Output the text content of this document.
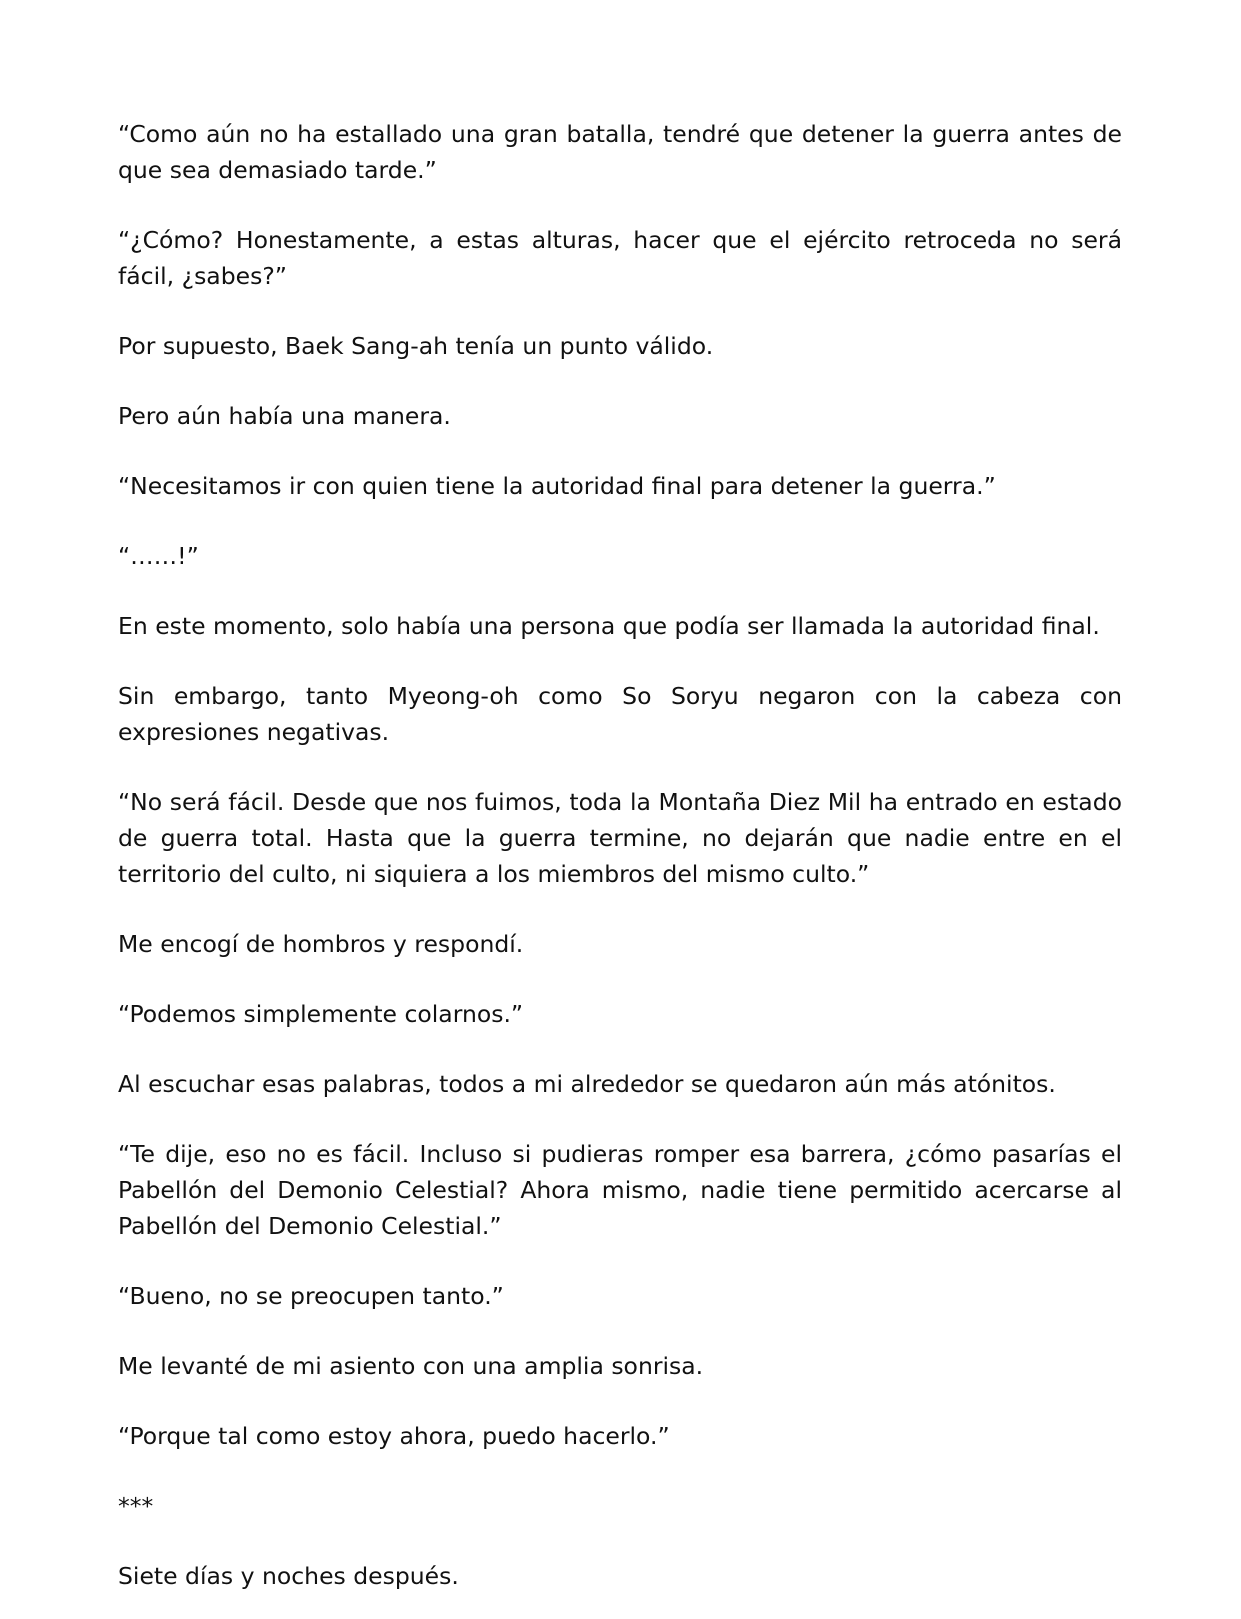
“Como aún no ha estallado una gran batalla, tendré que detener la guerra antes de que sea demasiado tarde.”

“¿Cómo? Honestamente, a estas alturas, hacer que el ejército retroceda no será fácil, ¿sabes?”

Por supuesto, Baek Sang-ah tenía un punto válido.

Pero aún había una manera.

“Necesitamos ir con quien tiene la autoridad final para detener la guerra.”

“……!”

En este momento, solo había una persona que podía ser llamada la autoridad final.

Sin embargo, tanto Myeong-oh como So Soryu negaron con la cabeza con expresiones negativas.

“No será fácil. Desde que nos fuimos, toda la Montaña Diez Mil ha entrado en estado de guerra total. Hasta que la guerra termine, no dejarán que nadie entre en el territorio del culto, ni siquiera a los miembros del mismo culto.”

Me encogí de hombros y respondí.

“Podemos simplemente colarnos.”

Al escuchar esas palabras, todos a mi alrededor se quedaron aún más atónitos.

“Te dije, eso no es fácil. Incluso si pudieras romper esa barrera, ¿cómo pasarías el Pabellón del Demonio Celestial? Ahora mismo, nadie tiene permitido acercarse al Pabellón del Demonio Celestial.”

“Bueno, no se preocupen tanto.”

Me levanté de mi asiento con una amplia sonrisa.

“Porque tal como estoy ahora, puedo hacerlo.”

***

Siete días y noches después.
